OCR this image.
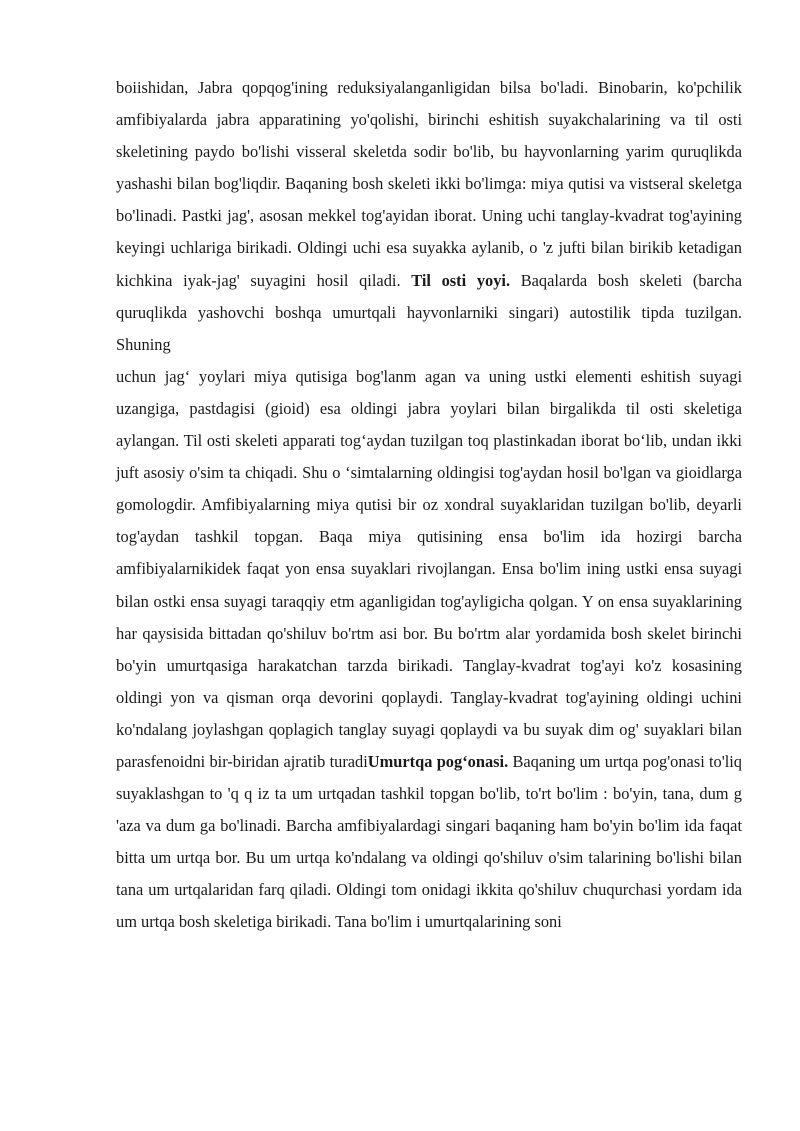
boiishidan, Jabra qopqog'ining reduksiyalanganligidan bilsa bo'ladi. Binobarin, ko'pchilik amfibiyalarda jabra apparatining yo'qolishi, birinchi eshitish suyakchalarining va til osti skeletining paydo bo'lishi visseral skeletda sodir bo'lib, bu hayvonlarning yarim quruqlikda yashashi bilan bog'liqdir. Baqaning bosh skeleti ikki bo'limga: miya qutisi va vistseral skeletga bo'linadi. Pastki jag', asosan mekkel tog'ayidan iborat. Uning uchi tanglay-kvadrat tog'ayining keyingi uchlariga birikadi. Oldingi uchi esa suyakka aylanib, o 'z jufti bilan birikib ketadigan kichkina iyak-jag' suyagini hosil qiladi. Til osti yoyi. Baqalarda bosh skeleti (barcha quruqlikda yashovchi boshqa umurtqali hayvonlarniki singari) autostilik tipda tuzilgan. Shuning

uchun jag‘ yoylari miya qutisiga bog'lanm agan va uning ustki elementi eshitish suyagi uzangiga, pastdagisi (gioid) esa oldingi jabra yoylari bilan birgalikda til osti skeletiga aylangan. Til osti skeleti apparati tog‘aydan tuzilgan toq plastinkadan iborat bo‘lib, undan ikki juft asosiy o'sim ta chiqadi. Shu o ‘simtalarning oldingisi tog'aydan hosil bo'lgan va gioidlarga gomologdir. Amfibiyalarning miya qutisi bir oz xondral suyaklaridan tuzilgan bo'lib, deyarli tog'aydan tashkil topgan. Baqa miya qutisining ensa bo'lim ida hozirgi barcha amfibiyalarnikidek faqat yon ensa suyaklari rivojlangan. Ensa bo'lim ining ustki ensa suyagi bilan ostki ensa suyagi taraqqiy etm aganligidan tog'ayligicha qolgan. Y on ensa suyaklarining har qaysisida bittadan qo'shiluv bo'rtm asi bor. Bu bo'rtm alar yordamida bosh skelet birinchi bo'yin umurtqasiga harakatchan tarzda birikadi. Tanglay-kvadrat tog'ayi ko'z kosasining oldingi yon va qisman orqa devorini qoplaydi. Tanglay-kvadrat tog'ayining oldingi uchini ko'ndalang joylashgan qoplagich tanglay suyagi qoplaydi va bu suyak dim og' suyaklari bilan parasfenoidni bir-biridan ajratib turadiUmurtqa pog‘onasi. Baqaning um urtqa pog'onasi to'liq suyaklashgan to 'q q iz ta um urtqadan tashkil topgan bo'lib, to'rt bo'lim : bo'yin, tana, dum g 'aza va dum ga bo'linadi. Barcha amfibiyalardagi singari baqaning ham bo'yin bo'lim ida faqat bitta um urtqa bor. Bu um urtqa ko'ndalang va oldingi qo'shiluv o'sim talarining bo'lishi bilan tana um urtqalaridan farq qiladi. Oldingi tom onidagi ikkita qo'shiluv chuqurchasi yordam ida um urtqa bosh skeletiga birikadi. Tana bo'lim i umurtqalarining soni
